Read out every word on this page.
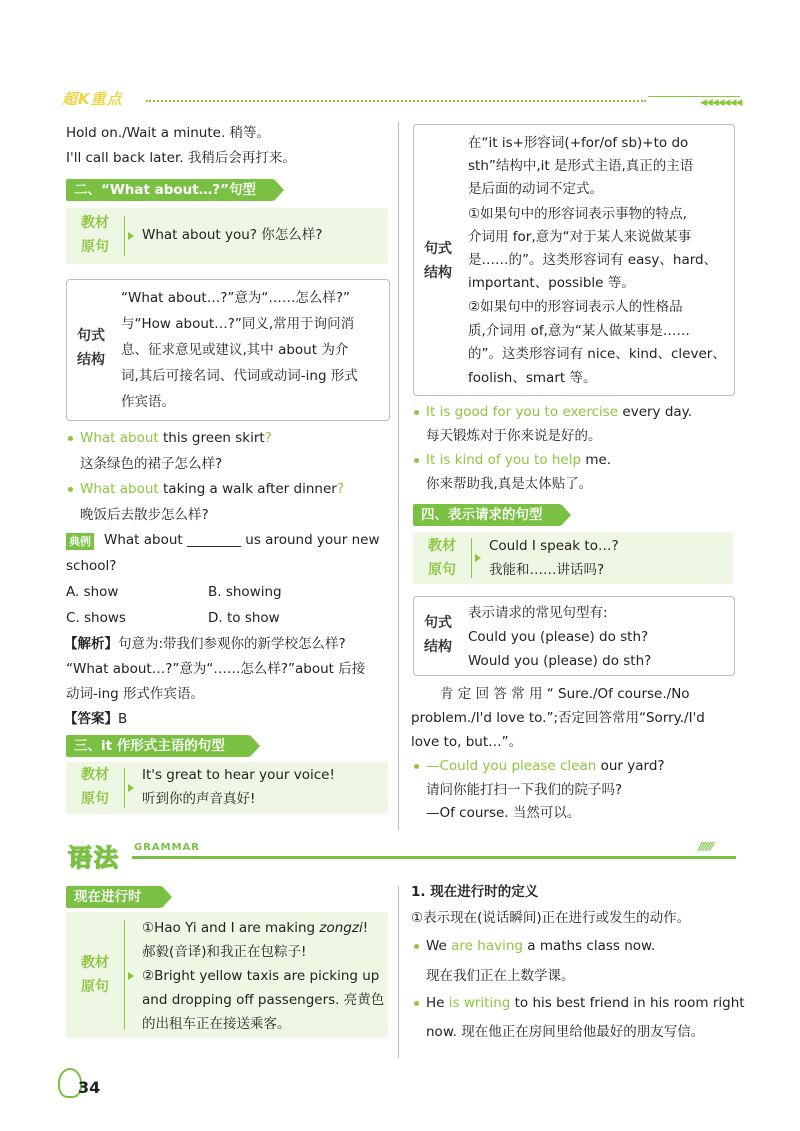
超K重点	◀◀◀◀◀◀◀
Hold on./Wait a minute. 稍等。
I'll call back later. 我稍后会再打来。
二、“What about…?”句型
教材
原句
What about you? 你怎么样?
句式
结构
“What about…?”意为“……怎么样?”
与“How about…?”同义,常用于询问消
息、征求意见或建议,其中 about 为介
词,其后可接名词、代词或动词-ing 形式
作宾语。
What about this green skirt?
这条绿色的裙子怎么样?
What about taking a walk after dinner?
晚饭后去散步怎么样?
典例 What about ________ us around your new
school?
A. show	B. showing
C. shows	D. to show
【解析】句意为:带我们参观你的新学校怎么样?
“What about…?”意为“……怎么样?”about 后接
动词-ing 形式作宾语。
【答案】B
三、it 作形式主语的句型
教材
原句
It's great to hear your voice!
听到你的声音真好!
句式
结构
在“it is+形容词(+for/of sb)+to do
sth”结构中,it 是形式主语,真正的主语
是后面的动词不定式。
①如果句中的形容词表示事物的特点,
介词用 for,意为“对于某人来说做某事
是……的”。这类形容词有 easy、hard、
important、possible 等。
②如果句中的形容词表示人的性格品
质,介词用 of,意为“某人做某事是……
的”。这类形容词有 nice、kind、clever、
foolish、smart 等。
It is good for you to exercise every day.
每天锻炼对于你来说是好的。
It is kind of you to help me.
你来帮助我,真是太体贴了。
四、表示请求的句型
教材
原句
Could I speak to…?
我能和……讲话吗?
句式
结构
表示请求的常见句型有:
Could you (please) do sth?
Would you (please) do sth?
肯 定 回 答 常 用 “ Sure./Of course./No
problem./I'd love to.”;否定回答常用“Sorry./I'd
love to, but…”。
—Could you please clean our yard?
请问你能打扫一下我们的院子吗?
—Of course. 当然可以。
语法 GRAMMAR	////////
现在进行时
教材
原句
①Hao Yi and I are making zongzi!
郝毅(音译)和我正在包粽子!
②Bright yellow taxis are picking up
and dropping off passengers. 亮黄色
的出租车正在接送乘客。
1. 现在进行时的定义
①表示现在(说话瞬间)正在进行或发生的动作。
We are having a maths class now.
现在我们正在上数学课。
He is writing to his best friend in his room right
now. 现在他正在房间里给他最好的朋友写信。
34
